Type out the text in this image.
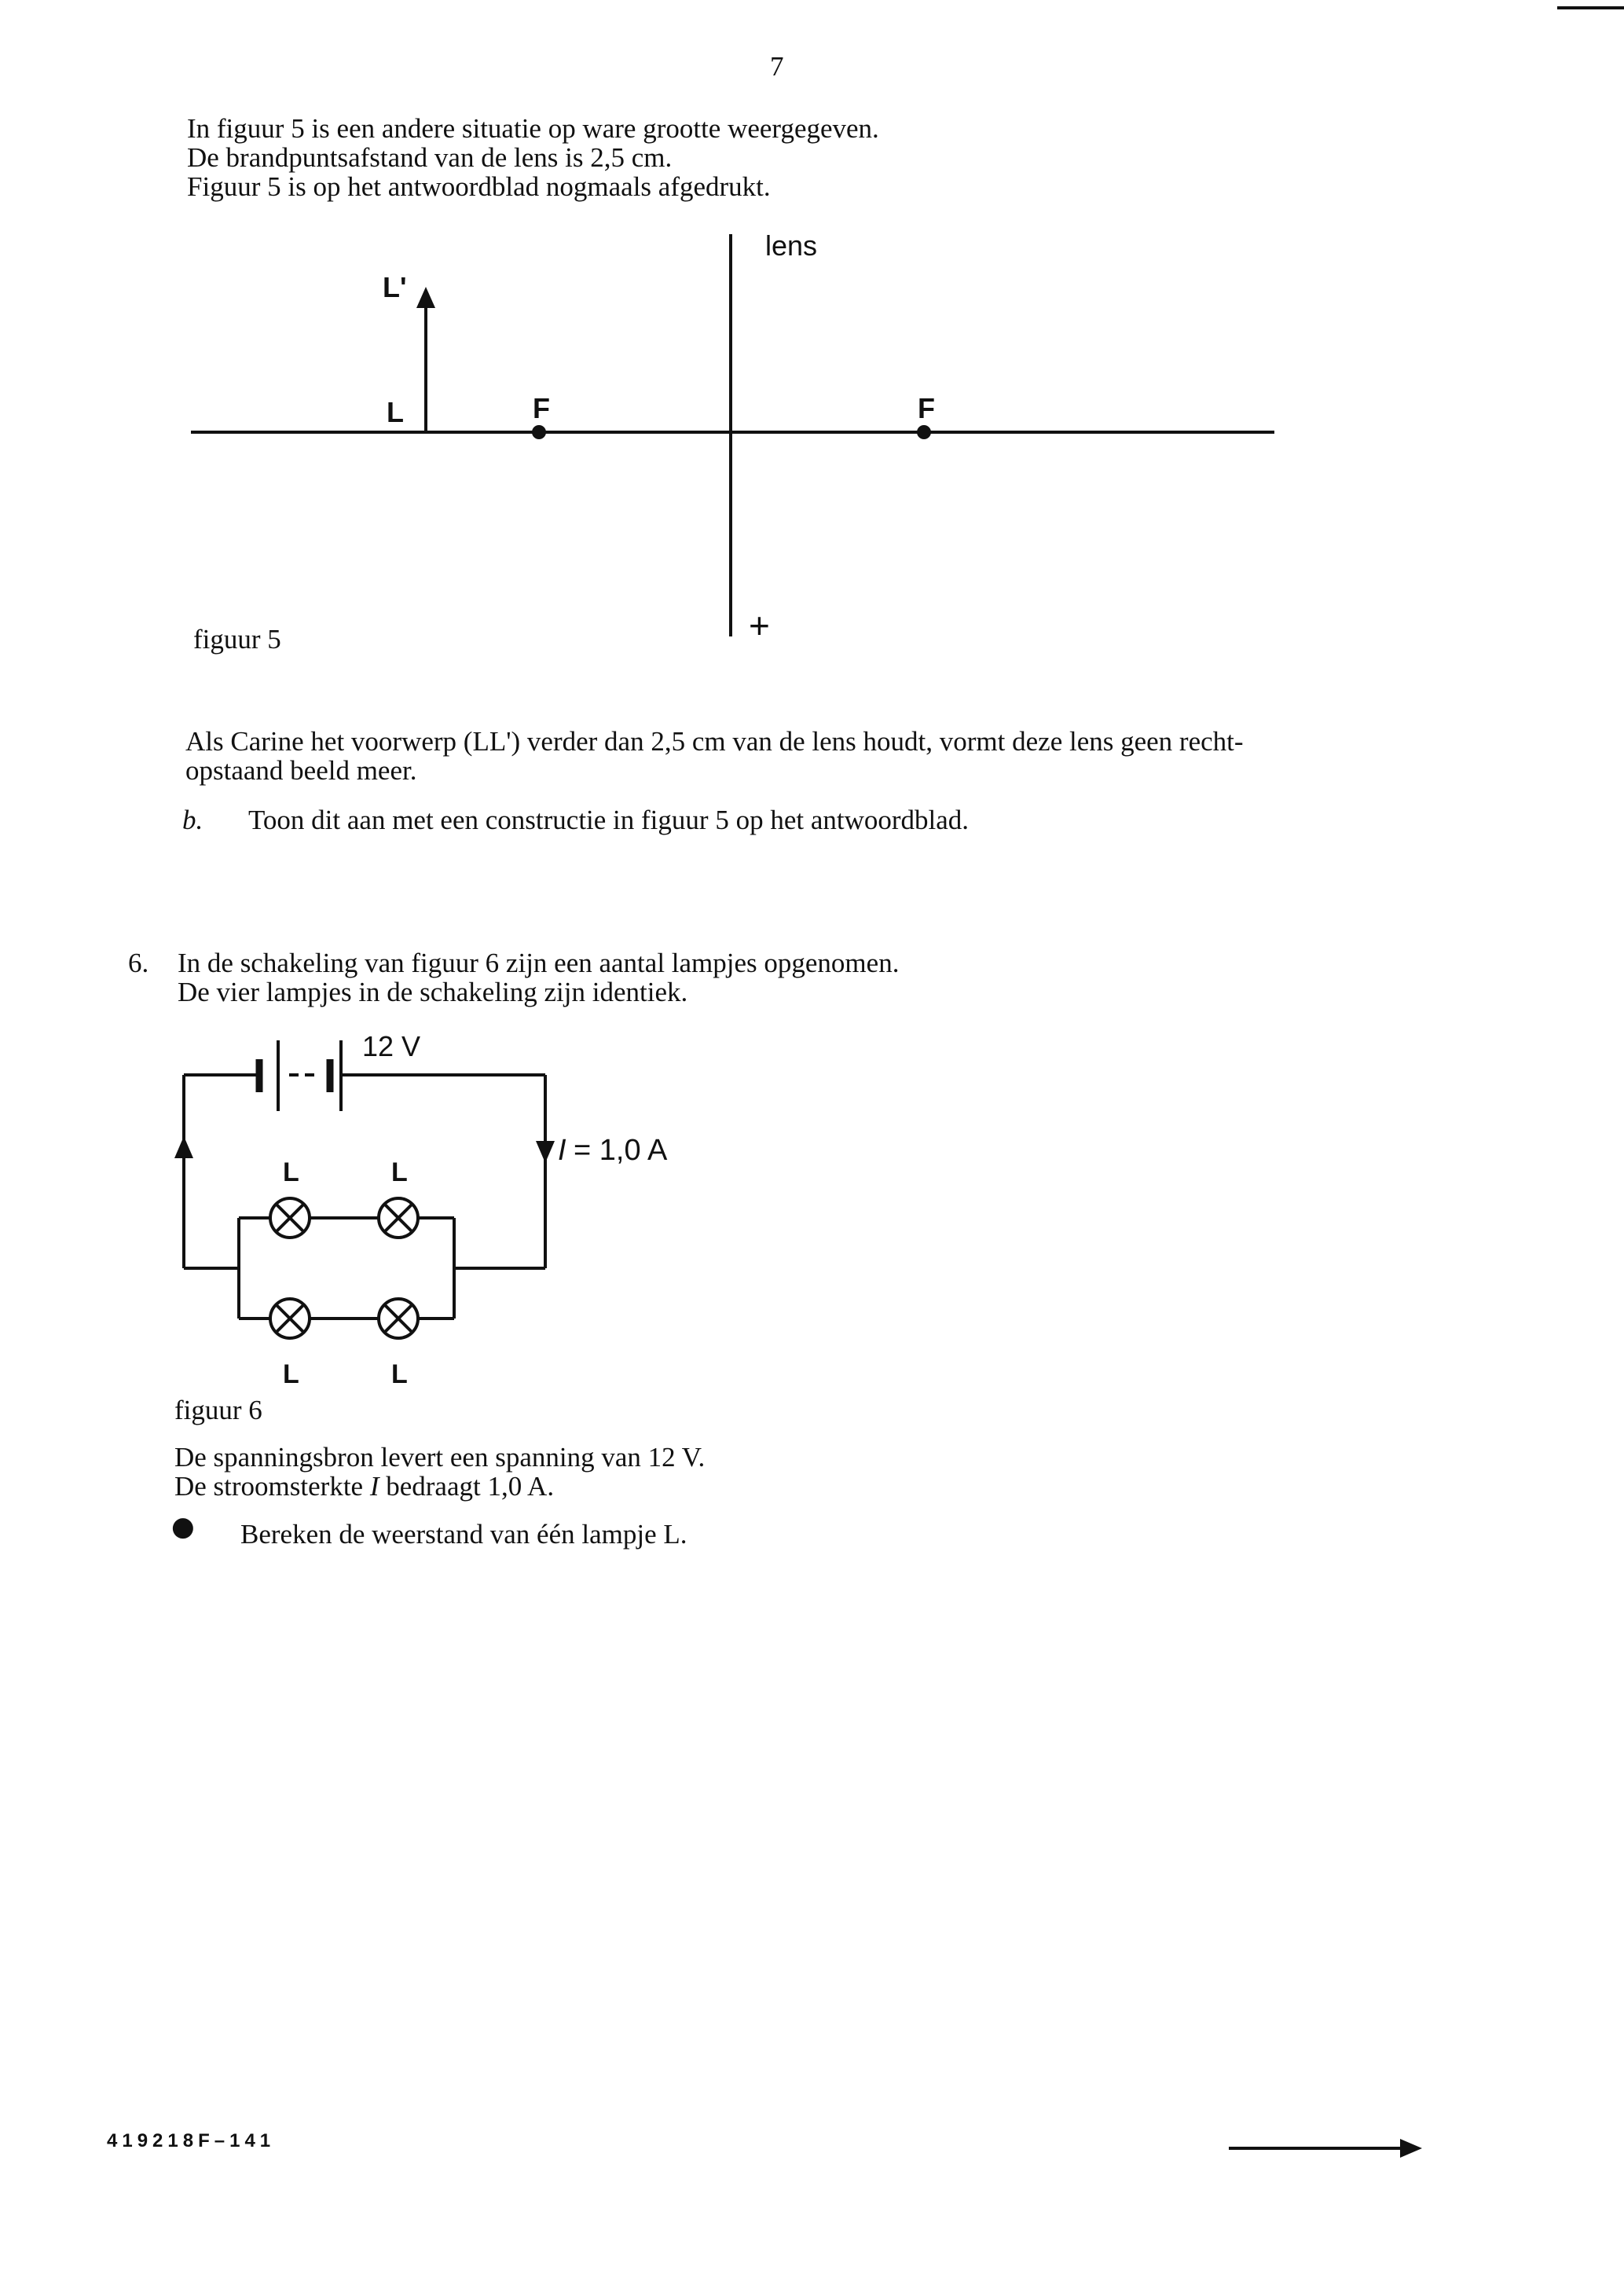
7
In figuur 5 is een andere situatie op ware grootte weergegeven.
De brandpuntsafstand van de lens is 2,5 cm.
Figuur 5 is op het antwoordblad nogmaals afgedrukt.
lens
L'
L	F	F
+
figuur 5
Als Carine het voorwerp (LL') verder dan 2,5 cm van de lens houdt, vormt deze lens geen recht-
opstaand beeld meer.
b. Toon dit aan met een constructie in figuur 5 op het antwoordblad.
6. In de schakeling van figuur 6 zijn een aantal lampjes opgenomen.
De vier lampjes in de schakeling zijn identiek.
12 V
I = 1,0 A
L	L
L	L
figuur 6
De spanningsbron levert een spanning van 12 V.
De stroomsterkte I bedraagt 1,0 A.
● Bereken de weerstand van één lampje L.
419218F–141
